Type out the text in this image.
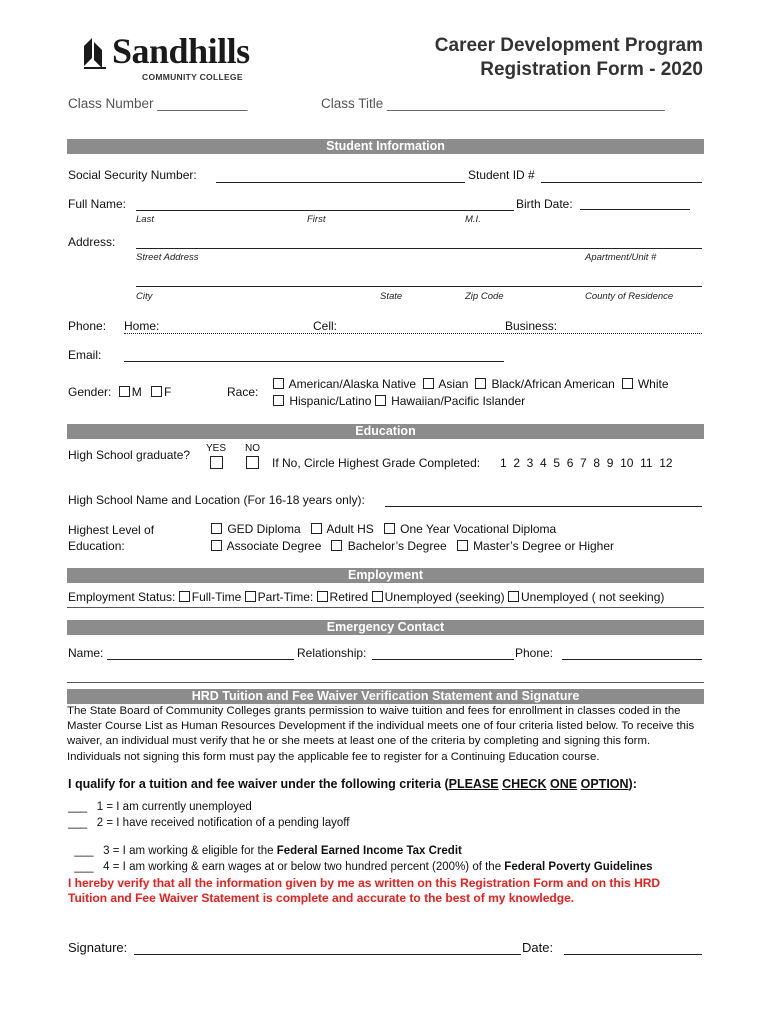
Sandhills
COMMUNITY COLLEGE
Career Development Program
Registration Form - 2020
Class Number ____________	Class Title _____________________________________
Student Information
Social Security Number:	Student ID #
Full Name:	Birth Date:
Last	First	M.I.
Address:
Street Address	Apartment/Unit #
City	State	Zip Code	County of Residence
Phone: Home:	Cell:	Business:
Email:
Gender: M F	Race:
American/Alaska Native Asian Black/African American White
Hispanic/Latino Hawaiian/Pacific Islander
Education
High School graduate? YES NO
If No, Circle Highest Grade Completed: 1  2  3  4  5  6  7  8  9  10  11  12
High School Name and Location (For 16-18 years only):
Highest Level of
Education:
GED Diploma Adult HS One Year Vocational Diploma
Associate Degree Bachelor’s Degree Master’s Degree or Higher
Employment
Employment Status: Full-Time Part-Time: Retired Unemployed (seeking) Unemployed ( not seeking)
Emergency Contact
Name:	Relationship:	Phone:
HRD Tuition and Fee Waiver Verification Statement and Signature
The State Board of Community Colleges grants permission to waive tuition and fees for enrollment in classes coded in the Master Course List as Human Resources Development if the individual meets one of four criteria listed below. To receive this waiver, an individual must verify that he or she meets at least one of the criteria by completing and signing this form. Individuals not signing this form must pay the applicable fee to register for a Continuing Education course.
I qualify for a tuition and fee waiver under the following criteria (PLEASE CHECK ONE OPTION):
___ 1 = I am currently unemployed
___ 2 = I have received notification of a pending layoff

___ 3 = I am working & eligible for the Federal Earned Income Tax Credit

___ 4 = I am working & earn wages at or below two hundred percent (200%) of the Federal Poverty Guidelines

I hereby verify that all the information given by me as written on this Registration Form and on this HRD
Tuition and Fee Waiver Statement is complete and accurate to the best of my knowledge.
Signature:	Date:
